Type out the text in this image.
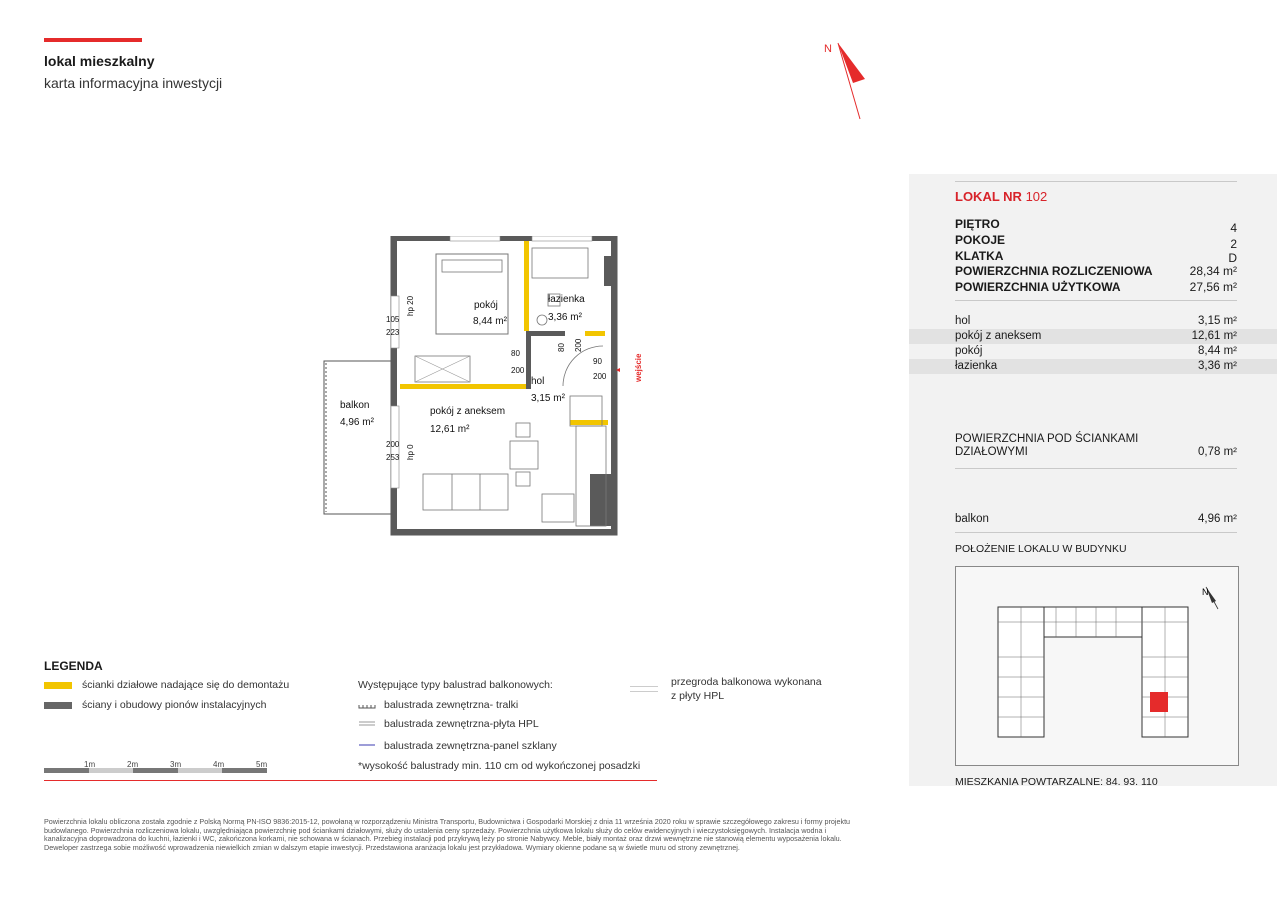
lokal mieszkalny
karta informacyjna inwestycji
N
pokój
8,44 m²
łazienka
3,36 m²
hol
3,15 m²
pokój z aneksem
12,61 m²
balkon
4,96 m²
105
223
hp 20
80
200
80 200
90
200
200
253 hp 0
wejście
LOKAL NR 102
PIĘTRO	4
POKOJE	2
KLATKA	D
POWIERZCHNIA ROZLICZENIOWA	28,34 m²
POWIERZCHNIA UŻYTKOWA	27,56 m²
hol	3,15 m²
pokój z aneksem	12,61 m²
pokój	8,44 m²
łazienka	3,36 m²
POWIERZCHNIA POD ŚCIANKAMI
DZIAŁOWYMI	0,78 m²
balkon	4,96 m²
POŁOŻENIE LOKALU W BUDYNKU
N
MIESZKANIA POWTARZALNE: 84. 93. 110
LEGENDA
ścianki działowe nadające się do demontażu
ściany i obudowy pionów instalacyjnych
Występujące typy balustrad balkonowych:
balustrada zewnętrzna- tralki
balustrada zewnętrzna-płyta HPL
balustrada zewnętrzna-panel szklany
*wysokość balustrady min. 110 cm od wykończonej posadzki
przegroda balkonowa wykonana
z płyty HPL
1m	2m	3m	4m	5m
Powierzchnia lokalu obliczona została zgodnie z Polską Normą PN-ISO 9836:2015-12, powołaną w rozporządzeniu Ministra Transportu, Budownictwa i Gospodarki Morskiej z dnia 11 września 2020 roku w sprawie szczegółowego zakresu i formy projektu budowlanego. Powierzchnia rozliczeniowa lokalu, uwzględniająca powierzchnię pod ściankami działowymi, służy do ustalenia ceny sprzedaży. Powierzchnia użytkowa lokalu służy do celów ewidencyjnych i wieczystoksięgowych. Instalacja wodna i kanalizacyjna doprowadzona do kuchni, łazienki i WC, zakończona korkami, nie schowana w ścianach. Przebieg instalacji pod przykrywą leży po stronie Nabywcy. Meble, biały montaż oraz drzwi wewnętrzne nie stanowią elementu wyposażenia lokalu. Deweloper zastrzega sobie możliwość wprowadzenia niewielkich zmian w dalszym etapie inwestycji. Przedstawiona aranżacja lokalu jest przykładowa. Wymiary okienne podane są w świetle muru od strony zewnętrznej.
